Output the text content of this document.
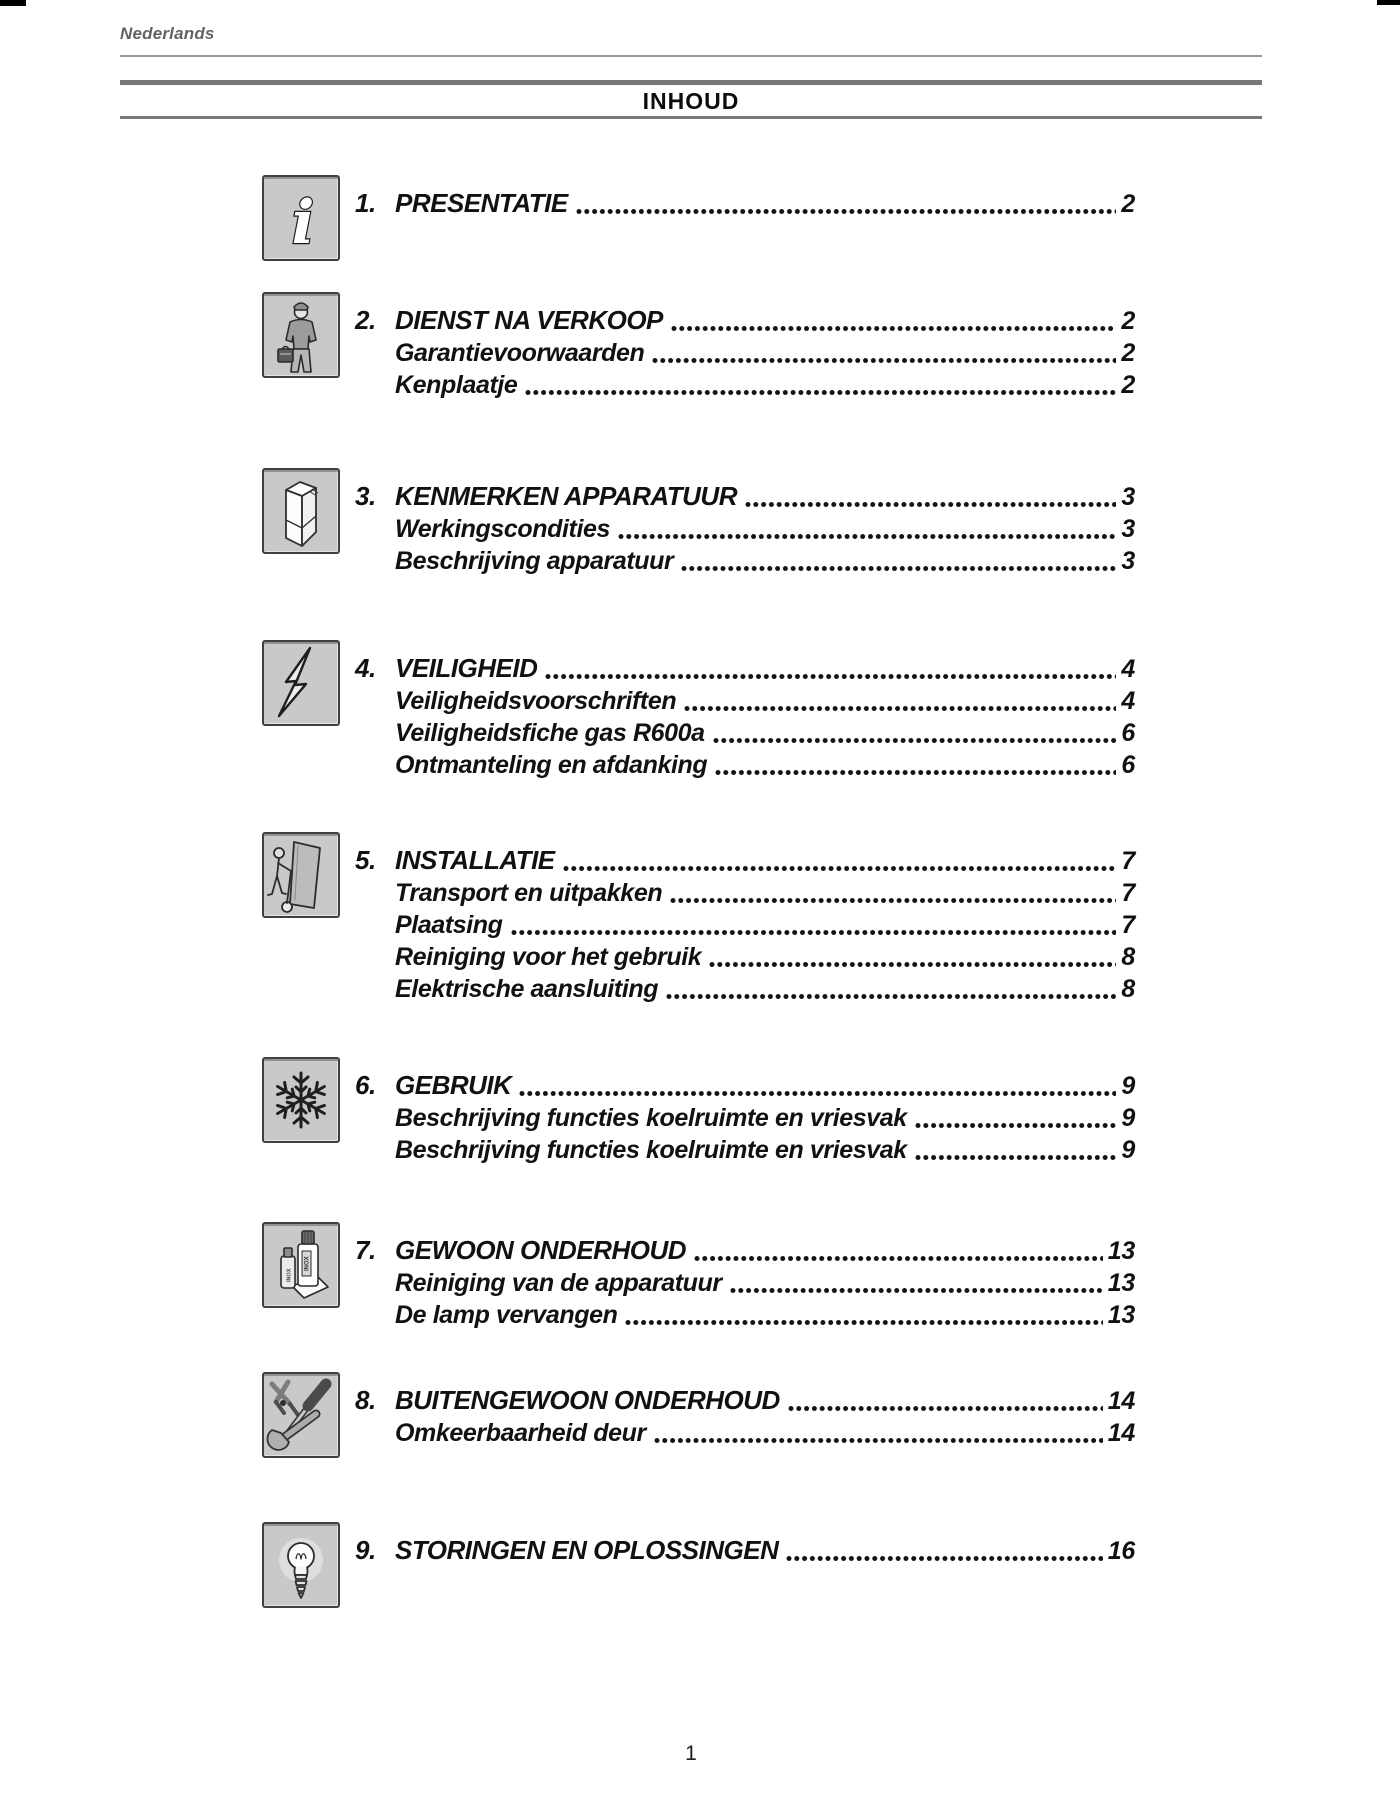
Nederlands
INHOUD
i 1. PRESENTATIE	2
2. DIENST NA VERKOOP	2
Garantievoorwaarden	2
Kenplaatje	2
3. KENMERKEN APPARATUUR	3
Werkingscondities	3
Beschrijving apparatuur	3
4. VEILIGHEID	4
Veiligheidsvoorschriften	4
Veiligheidsfiche gas R600a	6
Ontmanteling en afdanking	6
5. INSTALLATIE	7
Transport en uitpakken	7
Plaatsing	7
Reiniging voor het gebruik	8
Elektrische aansluiting	8
6. GEBRUIK	9
Beschrijving functies koelruimte en vriesvak	9
Beschrijving functies koelruimte en vriesvak	9
INOX
INOX
7. GEWOON ONDERHOUD	13
Reiniging van de apparatuur	13
De lamp vervangen	13
8. BUITENGEWOON ONDERHOUD	14
Omkeerbaarheid deur	14
9. STORINGEN EN OPLOSSINGEN	16
1
